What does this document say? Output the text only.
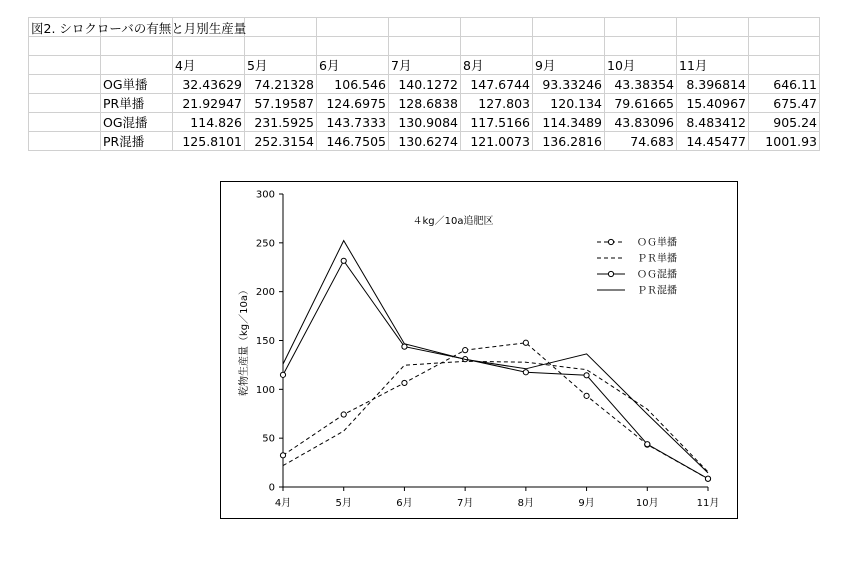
図2. シロクローバの有無と月別生産量										

		4月	5月	6月	7月	8月	9月	10月	11月	
	OG単播	32.43629	74.21328	106.546	140.1272	147.6744	93.33246	43.38354	8.396814	646.11
	PR単播	21.92947	57.19587	124.6975	128.6838	127.803	120.134	79.61665	15.40967	675.47
	OG混播	114.826	231.5925	143.7333	130.9084	117.5166	114.3489	43.83096	8.483412	905.24
	PR混播	125.8101	252.3154	146.7505	130.6274	121.0073	136.2816	74.683	14.45477	1001.93
0
50
100
150
200
250
300
4月	5月	6月	7月	8月	9月	10月	11月
乾物生産量（kg／10a）
４kg／10a追肥区
ＯＧ単播
ＰＲ単播
ＯＧ混播
ＰＲ混播
